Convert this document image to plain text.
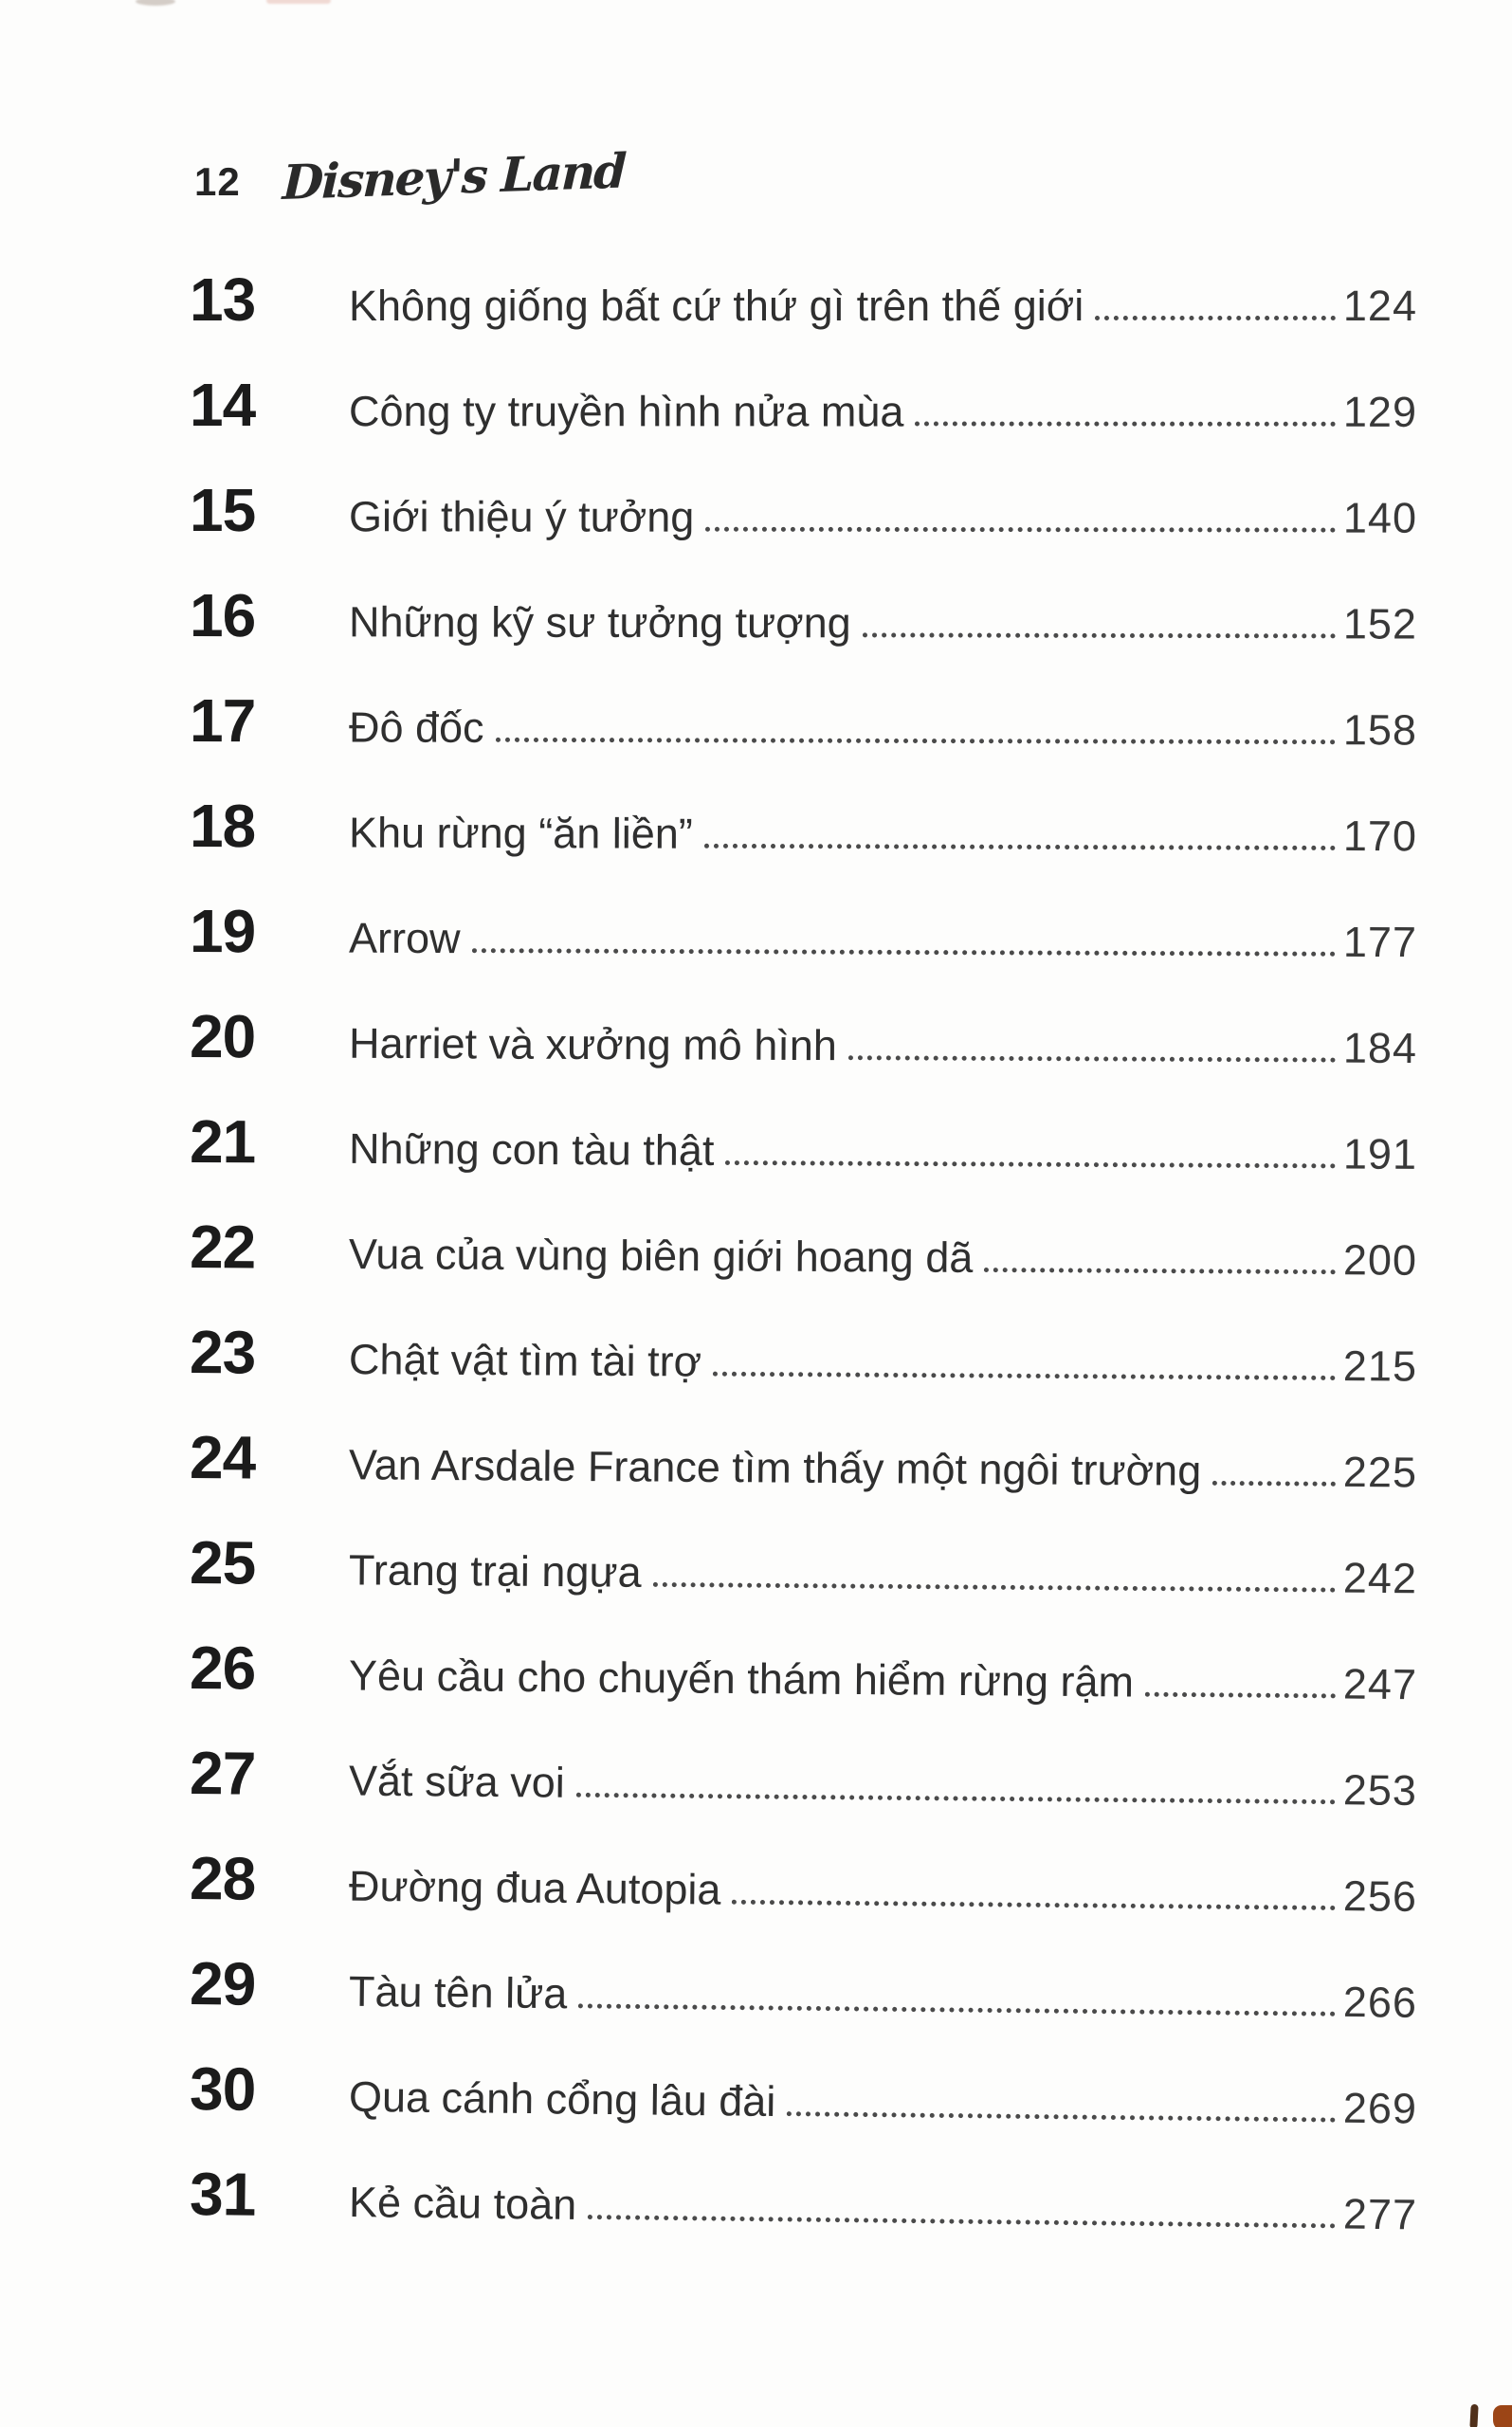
12 Disney's Land
13	Không giống bất cứ thứ gì trên thế giới	124
14	Công ty truyền hình nửa mùa	129
15	Giới thiệu ý tưởng	140
16	Những kỹ sư tưởng tượng	152
17	Đô đốc	158
18	Khu rừng “ăn liền”	170
19	Arrow	177
20	Harriet và xưởng mô hình	184
21	Những con tàu thật	191
22	Vua của vùng biên giới hoang dã	200
23	Chật vật tìm tài trợ	215
24	Van Arsdale France tìm thấy một ngôi trường	225
25	Trang trại ngựa	242
26	Yêu cầu cho chuyến thám hiểm rừng rậm	247
27	Vắt sữa voi	253
28	Đường đua Autopia	256
29	Tàu tên lửa	266
30	Qua cánh cổng lâu đài	269
31	Kẻ cầu toàn	277
